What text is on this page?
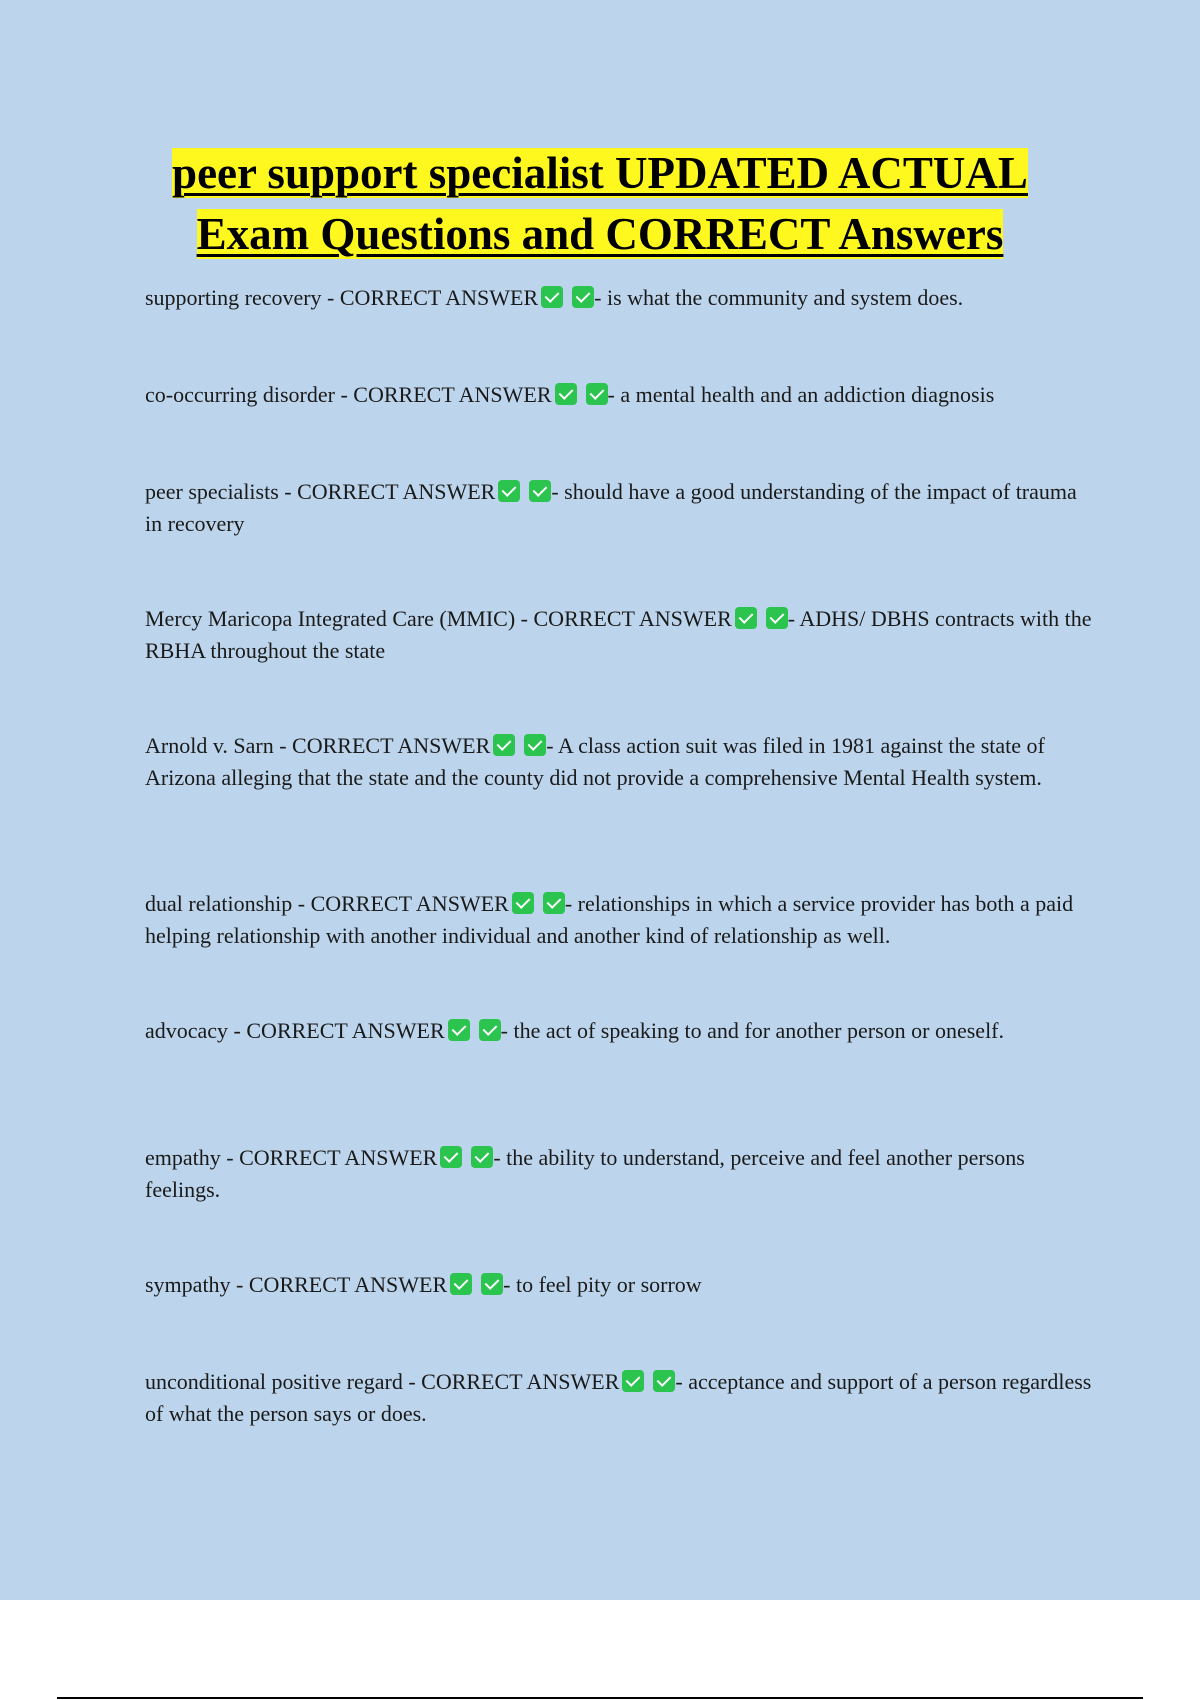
peer support specialist UPDATED ACTUAL
Exam Questions and CORRECT Answers

supporting recovery - CORRECT ANSWER	- is what the community and system does.

co-occurring disorder - CORRECT ANSWER	- a mental health and an addiction diagnosis

peer specialists - CORRECT ANSWER	- should have a good understanding of the impact of trauma in recovery

Mercy Maricopa Integrated Care (MMIC) - CORRECT ANSWER	- ADHS/ DBHS contracts with the RBHA throughout the state

Arnold v. Sarn - CORRECT ANSWER	- A class action suit was filed in 1981 against the state of Arizona alleging that the state and the county did not provide a comprehensive Mental Health system.

dual relationship - CORRECT ANSWER	- relationships in which a service provider has both a paid helping relationship with another individual and another kind of relationship as well.

advocacy - CORRECT ANSWER	- the act of speaking to and for another person or oneself.

empathy - CORRECT ANSWER	- the ability to understand, perceive and feel another persons feelings.

sympathy - CORRECT ANSWER	- to feel pity or sorrow

unconditional positive regard - CORRECT ANSWER	- acceptance and support of a person regardless of what the person says or does.
